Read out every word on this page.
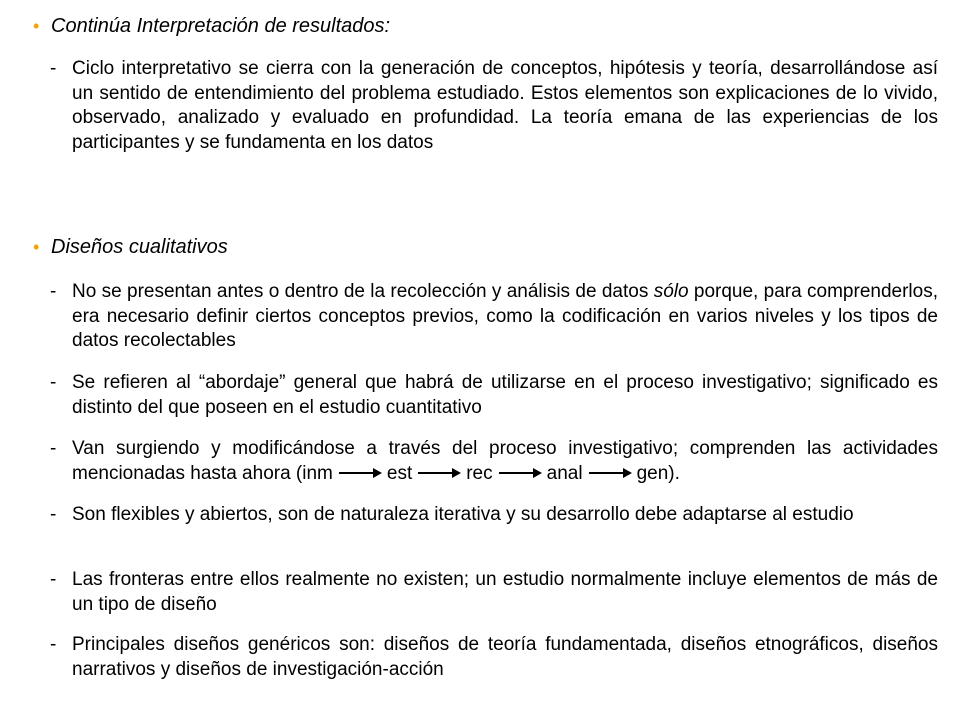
• Continúa Interpretación de resultados:
- Ciclo interpretativo se cierra con la generación de conceptos, hipótesis y teoría, desarrollándose así un sentido de entendimiento del problema estudiado. Estos elementos son explicaciones de lo vivido, observado, analizado y evaluado en profundidad. La teoría emana de las experiencias de los participantes y se fundamenta en los datos
• Diseños cualitativos
- No se presentan antes o dentro de la recolección y análisis de datos sólo porque, para comprenderlos, era necesario definir ciertos conceptos previos, como la codificación en varios niveles y los tipos de datos recolectables
- Se refieren al “abordaje” general que habrá de utilizarse en el proceso investigativo; significado es distinto del que poseen en el estudio cuantitativo
- Van surgiendo y modificándose a través del proceso investigativo; comprenden las actividades mencionadas hasta ahora (inm	est	rec	anal	gen).
- Son flexibles y abiertos, son de naturaleza iterativa y su desarrollo debe adaptarse al estudio
- Las fronteras entre ellos realmente no existen; un estudio normalmente incluye elementos de más de un tipo de diseño
- Principales diseños genéricos son: diseños de teoría fundamentada, diseños etnográficos, diseños narrativos y diseños de investigación-acción
